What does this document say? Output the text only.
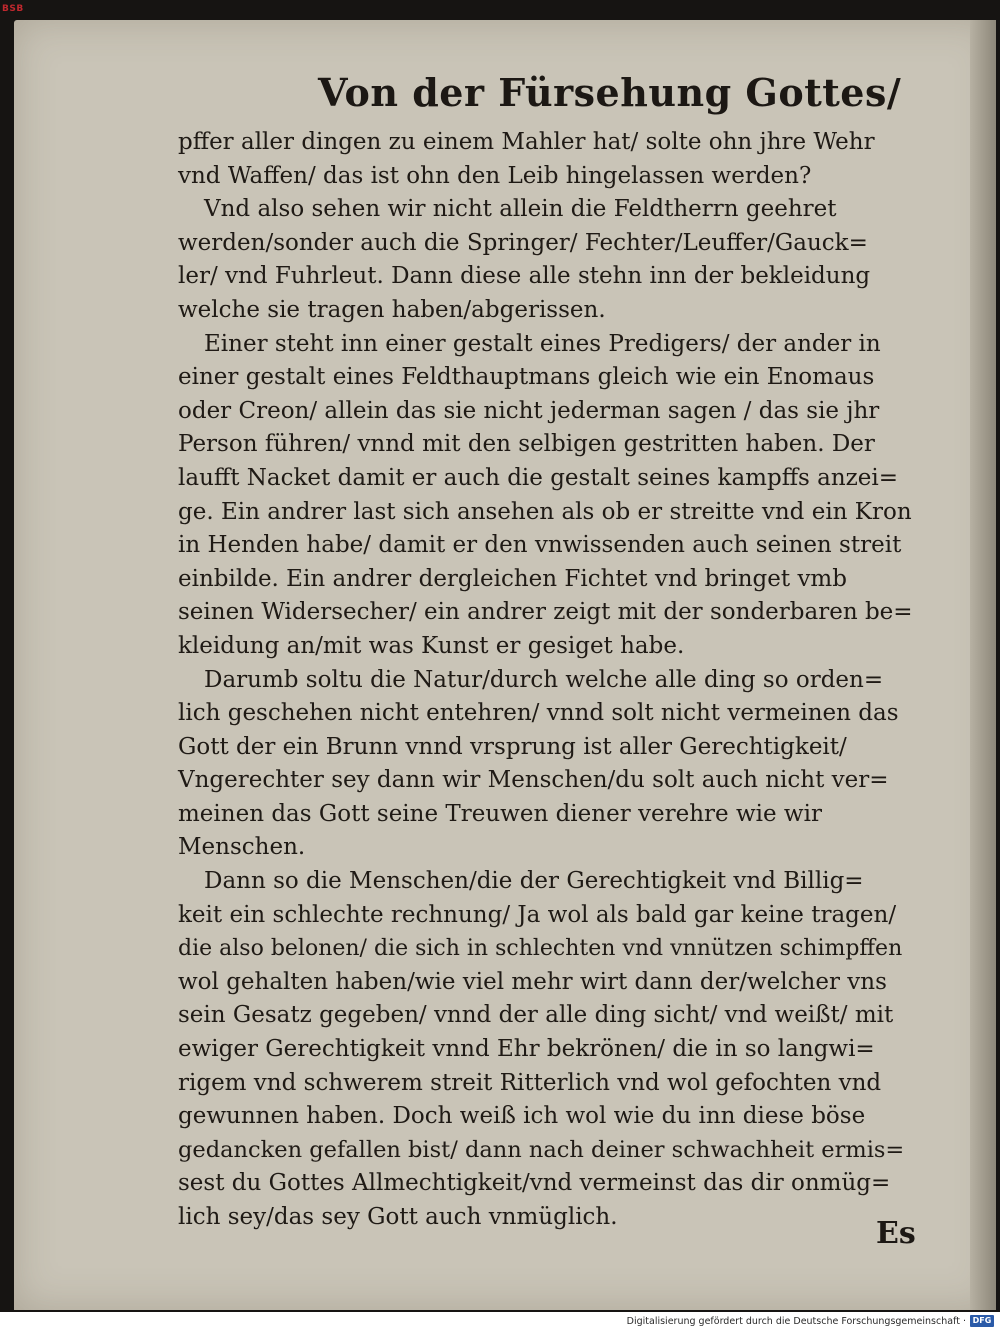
BSB
Von der Fürsehung Gottes/
pffer aller dingen zu einem Mahler hat/ solte ohn jhre Wehr
vnd Waffen/ das ist ohn den Leib hingelassen werden?
Vnd also sehen wir nicht allein die Feldtherrn geehret
werden/sonder auch die Springer/ Fechter/Leuffer/Gauck=
ler/ vnd Fuhrleut. Dann diese alle stehn inn der bekleidung
welche sie tragen haben/abgerissen.
Einer steht inn einer gestalt eines Predigers/ der ander in
einer gestalt eines Feldthauptmans gleich wie ein Enomaus
oder Creon/ allein das sie nicht jederman sagen / das sie jhr
Person führen/ vnnd mit den selbigen gestritten haben. Der
laufft Nacket damit er auch die gestalt seines kampffs anzei=
ge. Ein andrer last sich ansehen als ob er streitte vnd ein Kron
in Henden habe/ damit er den vnwissenden auch seinen streit
einbilde. Ein andrer dergleichen Fichtet vnd bringet vmb
seinen Widersecher/ ein andrer zeigt mit der sonderbaren be=
kleidung an/mit was Kunst er gesiget habe.
Darumb soltu die Natur/durch welche alle ding so orden=
lich geschehen nicht entehren/ vnnd solt nicht vermeinen das
Gott der ein Brunn vnnd vrsprung ist aller Gerechtigkeit/
Vngerechter sey dann wir Menschen/du solt auch nicht ver=
meinen das Gott seine Treuwen diener verehre wie wir
Menschen.
Dann so die Menschen/die der Gerechtigkeit vnd Billig=
keit ein schlechte rechnung/ Ja wol als bald gar keine tragen/
die also belonen/ die sich in schlechten vnd vnnützen schimpffen
wol gehalten haben/wie viel mehr wirt dann der/welcher vns
sein Gesatz gegeben/ vnnd der alle ding sicht/ vnd weißt/ mit
ewiger Gerechtigkeit vnnd Ehr bekrönen/ die in so langwi=
rigem vnd schwerem streit Ritterlich vnd wol gefochten vnd
gewunnen haben. Doch weiß ich wol wie du inn diese böse
gedancken gefallen bist/ dann nach deiner schwachheit ermis=
sest du Gottes Allmechtigkeit/vnd vermeinst das dir onmüg=
lich sey/das sey Gott auch vnmüglich.	Es
Digitalisierung gefördert durch die Deutsche Forschungsgemeinschaft · DFG
